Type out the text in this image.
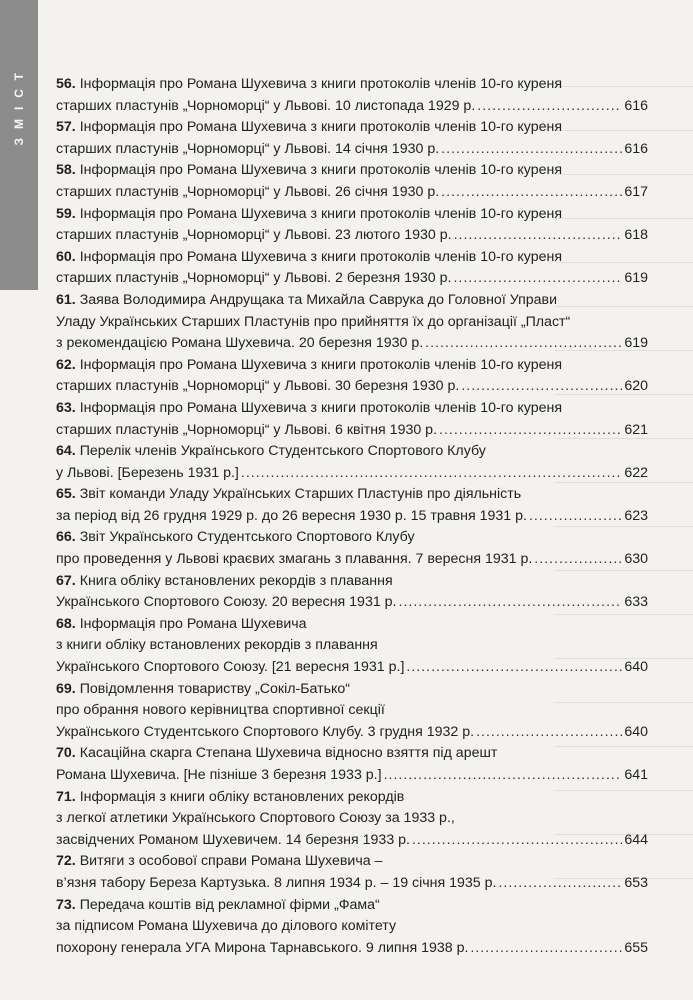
ЗМІСТ	56. Інформація про Романа Шухевича з книги протоколів членів 10-го куреня
старших пластунів „Чорноморці“ у Львові. 10 листопада 1929 р. .....	616
57. Інформація про Романа Шухевича з книги протоколів членів 10-го куреня
старших пластунів „Чорноморці“ у Львові. 14 січня 1930 р. .....	616
58. Інформація про Романа Шухевича з книги протоколів членів 10-го куреня
старших пластунів „Чорноморці“ у Львові. 26 січня 1930 р. .....	617
59. Інформація про Романа Шухевича з книги протоколів членів 10-го куреня
старших пластунів „Чорноморці“ у Львові. 23 лютого 1930 р. .....	618
60. Інформація про Романа Шухевича з книги протоколів членів 10-го куреня
старших пластунів „Чорноморці“ у Львові. 2 березня 1930 р. .....	619
61. Заява Володимира Андрущака та Михайла Саврука до Головної Управи
Уладу Українських Старших Пластунів про прийняття їх до організації „Пласт“
з рекомендацією Романа Шухевича. 20 березня 1930 р. .....	619
62. Інформація про Романа Шухевича з книги протоколів членів 10-го куреня
старших пластунів „Чорноморці“ у Львові. 30 березня 1930 р. .....	620
63. Інформація про Романа Шухевича з книги протоколів членів 10-го куреня
старших пластунів „Чорноморці“ у Львові. 6 квітня 1930 р. .....	621
64. Перелік членів Українського Студентського Спортового Клубу
у Львові. [Березень 1931 р.] .....	622
65. Звіт команди Уладу Українських Старших Пластунів про діяльність
за період від 26 грудня 1929 р. до 26 вересня 1930 р. 15 травня 1931 р. .....	623
66. Звіт Українського Студентського Спортового Клубу
про проведення у Львові краєвих змагань з плавання. 7 вересня 1931 р. .....	630
67. Книга обліку встановлених рекордів з плавання
Українського Спортового Союзу. 20 вересня 1931 р. .....	633
68. Інформація про Романа Шухевича
з книги обліку встановлених рекордів з плавання
Українського Спортового Союзу. [21 вересня 1931 р.] .....	640
69. Повідомлення товариству „Сокіл-Батько“
про обрання нового керівництва спортивної секції
Українського Студентського Спортового Клубу. 3 грудня 1932 р. .....	640
70. Касаційна скарга Степана Шухевича відносно взяття під арешт
Романа Шухевича. [Не пізніше 3 березня 1933 р.] .....	641
71. Інформація з книги обліку встановлених рекордів
з легкої атлетики Українського Спортового Союзу за 1933 р.,
засвідчених Романом Шухевичем. 14 березня 1933 р. .....	644
72. Витяги з особової справи Романа Шухевича –
в’язня табору Береза Картузька. 8 липня 1934 р. – 19 січня 1935 р. .....	653
73. Передача коштів від рекламної фірми „Фама“
за підписом Романа Шухевича до ділового комітету
похорону генерала УГА Мирона Тарнавського. 9 липня 1938 р. .....	655
